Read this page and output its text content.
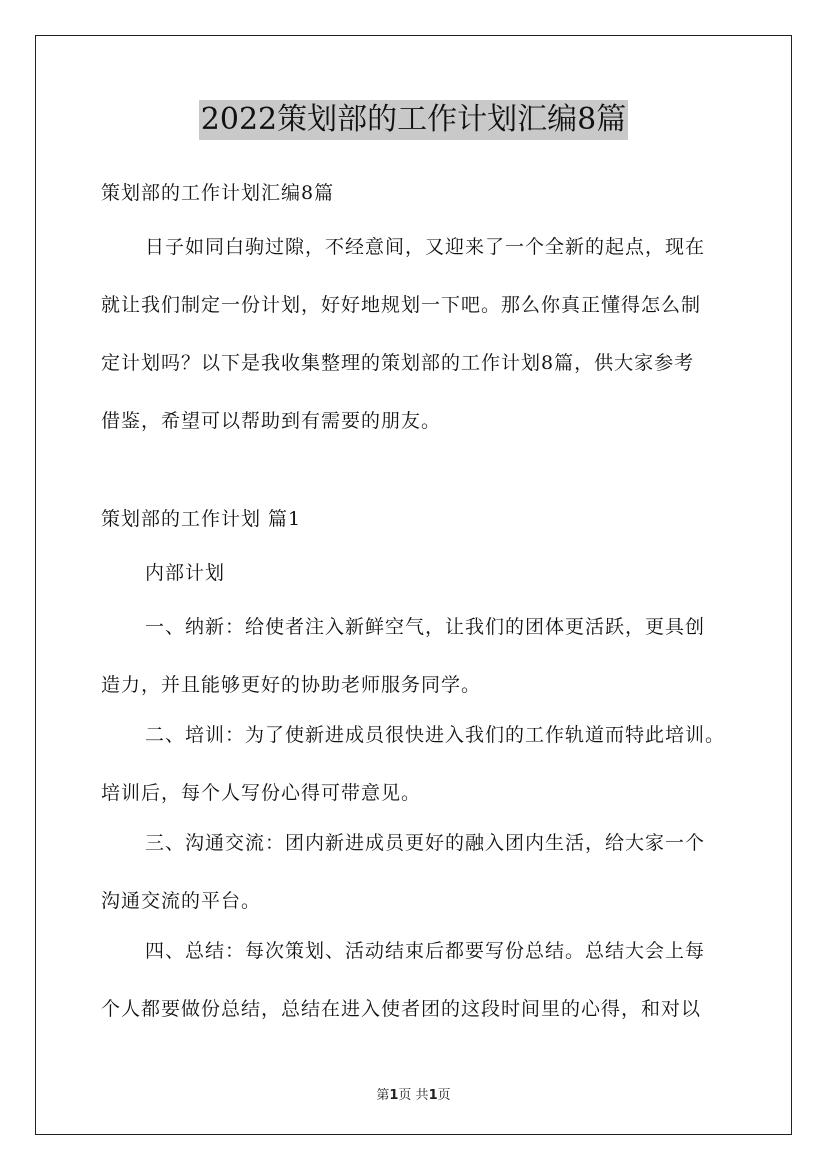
2022策划部的工作计划汇编8篇

策划部的工作计划汇编8篇

日子如同白驹过隙，不经意间，又迎来了一个全新的起点，现在
就让我们制定一份计划，好好地规划一下吧。那么你真正懂得怎么制
定计划吗？以下是我收集整理的策划部的工作计划8篇，供大家参考
借鉴，希望可以帮助到有需要的朋友。

策划部的工作计划 篇1

内部计划

一、纳新：给使者注入新鲜空气，让我们的团体更活跃，更具创
造力，并且能够更好的协助老师服务同学。
二、培训：为了使新进成员很快进入我们的工作轨道而特此培训。
培训后，每个人写份心得可带意见。
三、沟通交流：团内新进成员更好的融入团内生活，给大家一个
沟通交流的平台。
四、总结：每次策划、活动结束后都要写份总结。总结大会上每
个人都要做份总结，总结在进入使者团的这段时间里的心得，和对以
第1页 共1页
